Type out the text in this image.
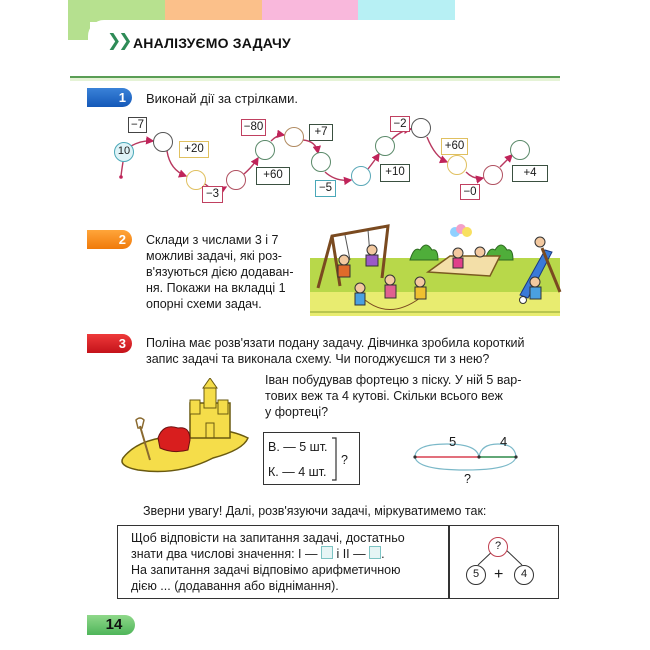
❯❯ АНАЛІЗУЄМО ЗАДАЧУ
1	Виконай дії за стрілками.
10
−7
+20
−3
+60
−80	+7
−5
+10
−2
+60
−0
+4
2	Склади з числами 3 і 7
можливі задачі, які роз-
в'язуються дією додаван-
ня. Покажи на вкладці 1
опорні схеми задач.
3	Поліна має розв'язати подану задачу. Дівчинка зробила короткий
запис задачі та виконала схему. Чи погоджуєшся ти з нею?
Іван побудував фортецю з піску. У ній 5 вар-
тових веж та 4 кутові. Скільки всього веж
у фортеці?
В. — 5 шт.
К. — 4 шт.
?
5	4
?
Зверни увагу! Далі, розв'язуючи задачі, міркуватимемо так:
Щоб відповісти на запитання задачі, достатньо
знати два числові значення: І — і ІІ — .
На запитання задачі відповімо арифметичною
дією ... (додавання або віднімання).
?
5 +	4
14
